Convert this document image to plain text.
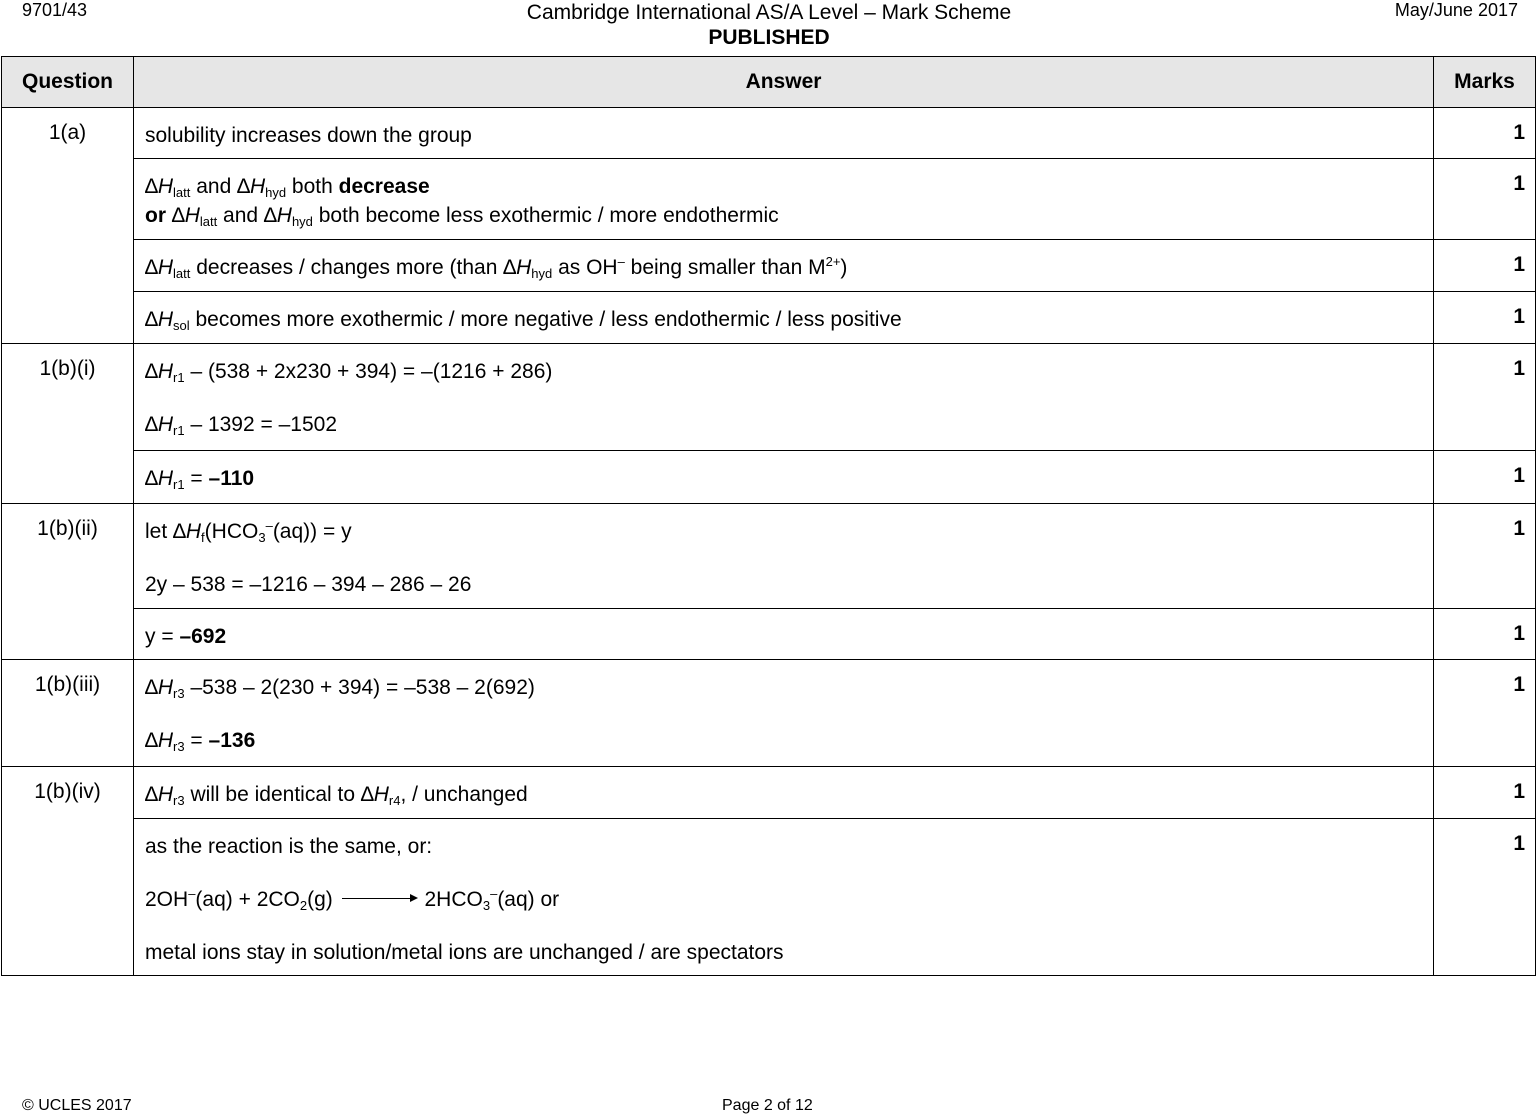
9701/43	Cambridge International AS/A Level – Mark Scheme
PUBLISHED
May/June 2017
Question	Answer	Marks
1(a)	solubility increases down the group	1

	$\Delta H_{latt}$ and $\Delta H_{hyd}$ both decrease
or $\Delta H_{latt}$ and $\Delta H_{hyd}$ both become less exothermic / more endothermic	1

	$\Delta H_{latt}$ decreases / changes more (than $\Delta H_{hyd}$ as OH– being smaller than $M^{2+}$)	1

	$\Delta H_{sol}$ becomes more exothermic / more negative / less endothermic / less positive	1
1(b)(i)	$\Delta H_{r1} - (538 + 2x230 + 394) = -(1216 + 286)$
$\Delta H_{r1} - 1392 = -1502$	1

	$\Delta H_{r1} = -110$	1
1(b)(ii)	let $\Delta H_f(HCO_3^-(aq)) = y$
2y – 538 = –1216 – 394 – 286 – 26	1

	y = –692	1
1(b)(iii)	$\Delta H_{r3}$ –538 – 2(230 + 394) = –538 – 2(692)
$\Delta H_{r3} = -136$	1
1(b)(iv)	$\Delta H_{r3}$ will be identical to $\Delta H_{r4}$, / unchanged	1

	as the reaction is the same, or:
$2OH^-(aq) + 2CO_2(g) \to 2HCO_3^-(aq)$ or
metal ions stay in solution/metal ions are unchanged / are spectators	1
© UCLES 2017	Page 2 of 12
